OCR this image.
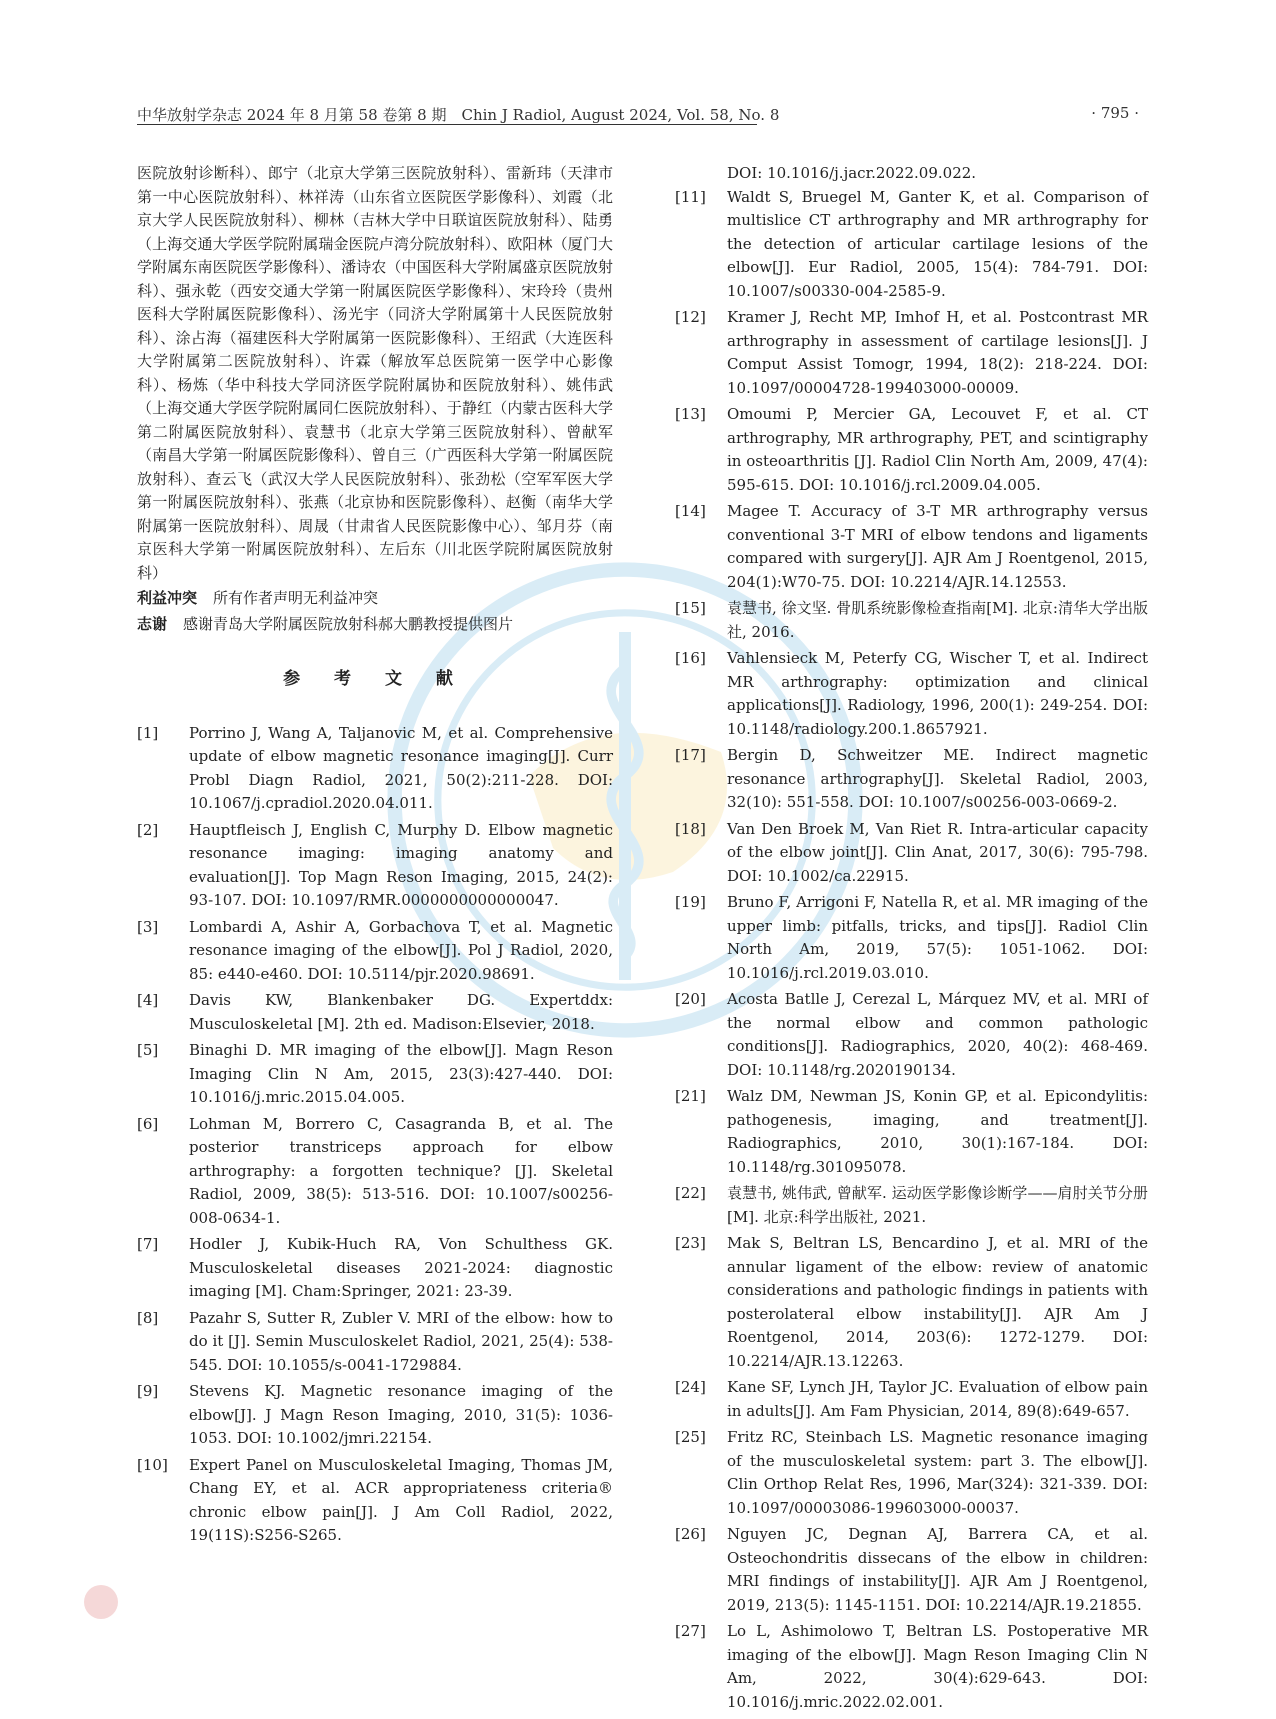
中华放射学杂志 2024 年 8 月第 58 卷第 8 期　Chin J Radiol, August 2024, Vol. 58, No. 8	· 795 ·

医院放射诊断科）、郎宁（北京大学第三医院放射科）、雷新玮（天津市第一中心医院放射科）、林祥涛（山东省立医院医学影像科）、刘霞（北京大学人民医院放射科）、柳林（吉林大学中日联谊医院放射科）、陆勇（上海交通大学医学院附属瑞金医院卢湾分院放射科）、欧阳林（厦门大学附属东南医院医学影像科）、潘诗农（中国医科大学附属盛京医院放射科）、强永乾（西安交通大学第一附属医院医学影像科）、宋玲玲（贵州医科大学附属医院影像科）、汤光宇（同济大学附属第十人民医院放射科）、涂占海（福建医科大学附属第一医院影像科）、王绍武（大连医科大学附属第二医院放射科）、许霖（解放军总医院第一医学中心影像科）、杨炼（华中科技大学同济医学院附属协和医院放射科）、姚伟武（上海交通大学医学院附属同仁医院放射科）、于静红（内蒙古医科大学第二附属医院放射科）、袁慧书（北京大学第三医院放射科）、曾献军（南昌大学第一附属医院影像科）、曾自三（广西医科大学第一附属医院放射科）、查云飞（武汉大学人民医院放射科）、张劲松（空军军医大学第一附属医院放射科）、张燕（北京协和医院影像科）、赵衡（南华大学附属第一医院放射科）、周晟（甘肃省人民医院影像中心）、邹月芬（南京医科大学第一附属医院放射科）、左后东（川北医学院附属医院放射科）

利益冲突 所有作者声明无利益冲突
志谢 感谢青岛大学附属医院放射科郝大鹏教授提供图片
参 考 文 献
[1]	Porrino J, Wang A, Taljanovic M, et al. Comprehensive update of elbow magnetic resonance imaging[J]. Curr Probl Diagn Radiol, 2021, 50(2):211-228. DOI: 10.1067/j.cpradiol.2020.04.011.
[2]	Hauptfleisch J, English C, Murphy D. Elbow magnetic resonance imaging: imaging anatomy and evaluation[J]. Top Magn Reson Imaging, 2015, 24(2): 93-107. DOI: 10.1097/RMR.0000000000000047.
[3]	Lombardi A, Ashir A, Gorbachova T, et al. Magnetic resonance imaging of the elbow[J]. Pol J Radiol, 2020, 85: e440-e460. DOI: 10.5114/pjr.2020.98691.
[4]	Davis KW, Blankenbaker DG. Expertddx: Musculoskeletal [M]. 2th ed. Madison:Elsevier, 2018.
[5]	Binaghi D. MR imaging of the elbow[J]. Magn Reson Imaging Clin N Am, 2015, 23(3):427-440. DOI: 10.1016/j.mric.2015.04.005.
[6]	Lohman M, Borrero C, Casagranda B, et al. The posterior transtriceps approach for elbow arthrography: a forgotten technique? [J]. Skeletal Radiol, 2009, 38(5): 513-516. DOI: 10.1007/s00256-008-0634-1.
[7]	Hodler J, Kubik-Huch RA, Von Schulthess GK. Musculoskeletal diseases 2021-2024: diagnostic imaging [M]. Cham:Springer, 2021: 23-39.
[8]	Pazahr S, Sutter R, Zubler V. MRI of the elbow: how to do it [J]. Semin Musculoskelet Radiol, 2021, 25(4): 538-545. DOI: 10.1055/s-0041-1729884.
[9]	Stevens KJ. Magnetic resonance imaging of the elbow[J]. J Magn Reson Imaging, 2010, 31(5): 1036-1053. DOI: 10.1002/jmri.22154.
[10]	Expert Panel on Musculoskeletal Imaging, Thomas JM, Chang EY, et al. ACR appropriateness criteria® chronic elbow pain[J]. J Am Coll Radiol, 2022, 19(11S):S256-S265.
DOI: 10.1016/j.jacr.2022.09.022.
[11]	Waldt S, Bruegel M, Ganter K, et al. Comparison of multislice CT arthrography and MR arthrography for the detection of articular cartilage lesions of the elbow[J]. Eur Radiol, 2005, 15(4): 784-791. DOI: 10.1007/s00330-004-2585-9.
[12]	Kramer J, Recht MP, Imhof H, et al. Postcontrast MR arthrography in assessment of cartilage lesions[J]. J Comput Assist Tomogr, 1994, 18(2): 218-224. DOI: 10.1097/00004728-199403000-00009.
[13]	Omoumi P, Mercier GA, Lecouvet F, et al. CT arthrography, MR arthrography, PET, and scintigraphy in osteoarthritis [J]. Radiol Clin North Am, 2009, 47(4): 595-615. DOI: 10.1016/j.rcl.2009.04.005.
[14]	Magee T. Accuracy of 3-T MR arthrography versus conventional 3-T MRI of elbow tendons and ligaments compared with surgery[J]. AJR Am J Roentgenol, 2015, 204(1):W70-75. DOI: 10.2214/AJR.14.12553.
[15]	袁慧书, 徐文坚. 骨肌系统影像检查指南[M]. 北京:清华大学出版社, 2016.
[16]	Vahlensieck M, Peterfy CG, Wischer T, et al. Indirect MR arthrography: optimization and clinical applications[J]. Radiology, 1996, 200(1): 249-254. DOI: 10.1148/radiology.200.1.8657921.
[17]	Bergin D, Schweitzer ME. Indirect magnetic resonance arthrography[J]. Skeletal Radiol, 2003, 32(10): 551-558. DOI: 10.1007/s00256-003-0669-2.
[18]	Van Den Broek M, Van Riet R. Intra-articular capacity of the elbow joint[J]. Clin Anat, 2017, 30(6): 795-798. DOI: 10.1002/ca.22915.
[19]	Bruno F, Arrigoni F, Natella R, et al. MR imaging of the upper limb: pitfalls, tricks, and tips[J]. Radiol Clin North Am, 2019, 57(5): 1051-1062. DOI: 10.1016/j.rcl.2019.03.010.
[20]	Acosta Batlle J, Cerezal L, Márquez MV, et al. MRI of the normal elbow and common pathologic conditions[J]. Radiographics, 2020, 40(2): 468-469. DOI: 10.1148/rg.2020190134.
[21]	Walz DM, Newman JS, Konin GP, et al. Epicondylitis: pathogenesis, imaging, and treatment[J]. Radiographics, 2010, 30(1):167-184. DOI: 10.1148/rg.301095078.
[22]	袁慧书, 姚伟武, 曾献军. 运动医学影像诊断学——肩肘关节分册[M]. 北京:科学出版社, 2021.
[23]	Mak S, Beltran LS, Bencardino J, et al. MRI of the annular ligament of the elbow: review of anatomic considerations and pathologic findings in patients with posterolateral elbow instability[J]. AJR Am J Roentgenol, 2014, 203(6): 1272-1279. DOI: 10.2214/AJR.13.12263.
[24]	Kane SF, Lynch JH, Taylor JC. Evaluation of elbow pain in adults[J]. Am Fam Physician, 2014, 89(8):649-657.
[25]	Fritz RC, Steinbach LS. Magnetic resonance imaging of the musculoskeletal system: part 3. The elbow[J]. Clin Orthop Relat Res, 1996, Mar(324): 321-339. DOI: 10.1097/00003086-199603000-00037.
[26]	Nguyen JC, Degnan AJ, Barrera CA, et al. Osteochondritis dissecans of the elbow in children: MRI findings of instability[J]. AJR Am J Roentgenol, 2019, 213(5): 1145-1151. DOI: 10.2214/AJR.19.21855.
[27]	Lo L, Ashimolowo T, Beltran LS. Postoperative MR imaging of the elbow[J]. Magn Reson Imaging Clin N Am, 2022, 30(4):629-643. DOI: 10.1016/j.mric.2022.02.001.
